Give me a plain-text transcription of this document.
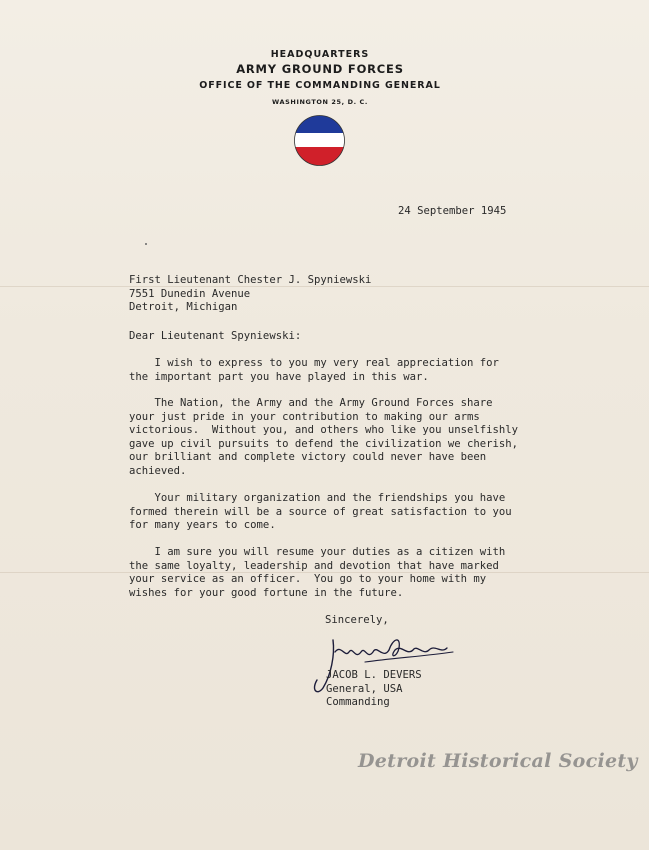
HEADQUARTERS
ARMY GROUND FORCES
OFFICE OF THE COMMANDING GENERAL
WASHINGTON 25, D. C.
24 September 1945
First Lieutenant Chester J. Spyniewski
7551 Dunedin Avenue
Detroit, Michigan
Dear Lieutenant Spyniewski:
I wish to express to you my very real appreciation for
the important part you have played in this war.
The Nation, the Army and the Army Ground Forces share
your just pride in your contribution to making our arms
victorious.  Without you, and others who like you unselfishly
gave up civil pursuits to defend the civilization we cherish,
our brilliant and complete victory could never have been
achieved.
Your military organization and the friendships you have
formed therein will be a source of great satisfaction to you
for many years to come.
I am sure you will resume your duties as a citizen with
the same loyalty, leadership and devotion that have marked
your service as an officer.  You go to your home with my
wishes for your good fortune in the future.
Sincerely,
JACOB L. DEVERS
General, USA
Commanding
Detroit Historical Society
